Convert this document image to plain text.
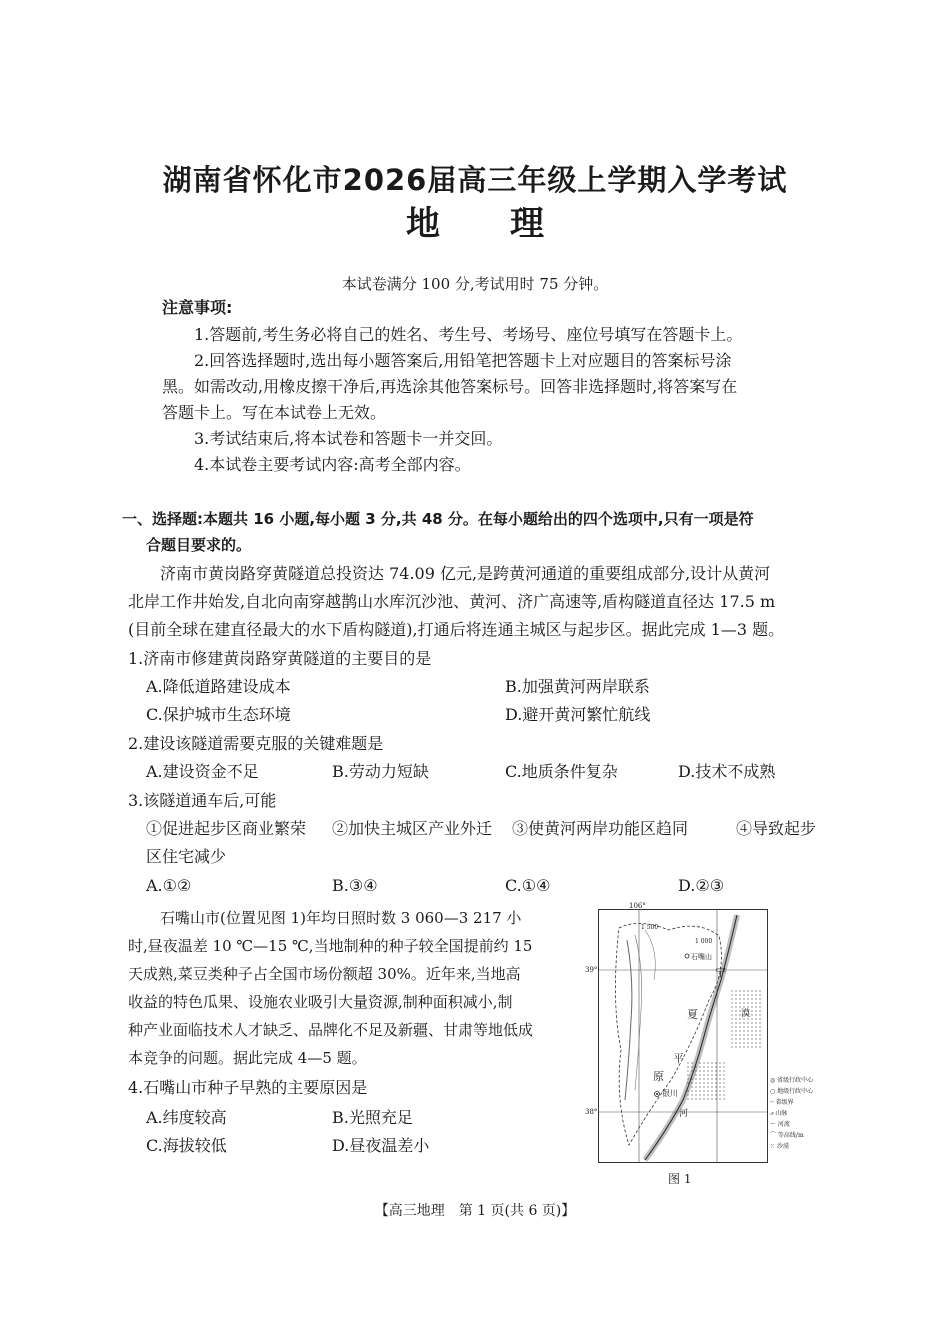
湖南省怀化市2026届高三年级上学期入学考试
地理
本试卷满分 100 分,考试用时 75 分钟。
注意事项:
1.答题前,考生务必将自己的姓名、考生号、考场号、座位号填写在答题卡上。
2.回答选择题时,选出每小题答案后,用铅笔把答题卡上对应题目的答案标号涂
黑。如需改动,用橡皮擦干净后,再选涂其他答案标号。回答非选择题时,将答案写在
答题卡上。写在本试卷上无效。
3.考试结束后,将本试卷和答题卡一并交回。
4.本试卷主要考试内容:高考全部内容。
一、选择题:本题共 16 小题,每小题 3 分,共 48 分。在每小题给出的四个选项中,只有一项是符
合题目要求的。
济南市黄岗路穿黄隧道总投资达 74.09 亿元,是跨黄河通道的重要组成部分,设计从黄河
北岸工作井始发,自北向南穿越鹊山水库沉沙池、黄河、济广高速等,盾构隧道直径达 17.5 m
(目前全球在建直径最大的水下盾构隧道),打通后将连通主城区与起步区。据此完成 1—3 题。
1.济南市修建黄岗路穿黄隧道的主要目的是
A.降低道路建设成本	B.加强黄河两岸联系
C.保护城市生态环境	D.避开黄河繁忙航线
2.建设该隧道需要克服的关键难题是
A.建设资金不足	B.劳动力短缺	C.地质条件复杂	D.技术不成熟
3.该隧道通车后,可能
①促进起步区商业繁荣 ②加快主城区产业外迁 ③使黄河两岸功能区趋同	④导致起步
区住宅减少
A.①②	B.③④	C.①④	D.②③
石嘴山市(位置见图 1)年均日照时数 3 060—3 217 小
时,昼夜温差 10 ℃—15 ℃,当地制种的种子较全国提前约 15
天成熟,菜豆类种子占全国市场份额超 30%。近年来,当地高
收益的特色瓜果、设施农业吸引大量资源,制种面积减小,制
种产业面临技术人才缺乏、品牌化不足及新疆、甘肃等地低成
本竞争的问题。据此完成 4—5 题。
4.石嘴山市种子早熟的主要原因是
A.纬度较高	B.光照充足
C.海拔较低	D.昼夜温差小
106°
39°
38°
石嘴山
银川
宁
夏
平
原
河
漠
1 500
1 000
◎ 省级行政中心
○ 地级行政中心
┄ 省级界
⩘ 山脉
〜 河流
⌒ 等高线/m
⁙ 沙漠
图 1
【高三地理　第 1 页(共 6 页)】
